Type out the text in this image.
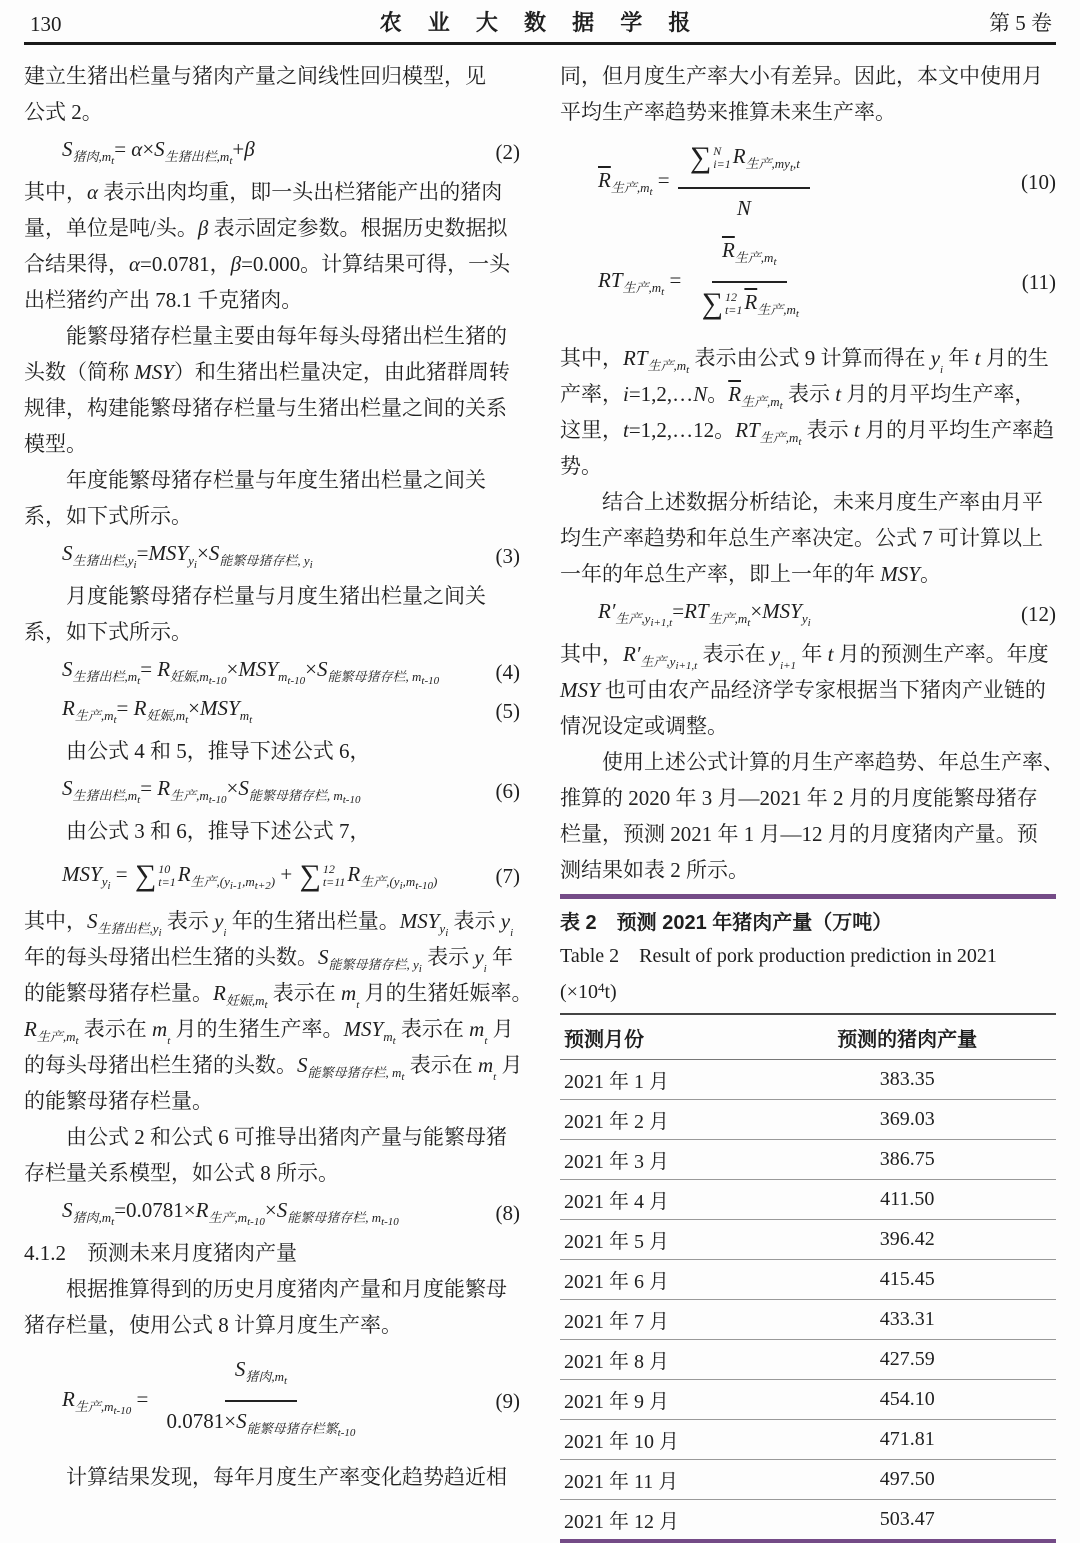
130	农 业 大 数 据 学 报	第 5 卷
建立生猪出栏量与猪肉产量之间线性回归模型，见
公式 2。
$S_{猪肉,mt}= \alpha\times S_{生猪出栏,mt}+\beta$	(2)
其中，α 表示出肉均重，即一头出栏猪能产出的猪肉
量，单位是吨/头。β 表示固定参数。根据历史数据拟
合结果得，α=0.0781，β=0.000。计算结果可得，一头
出栏猪约产出 78.1 千克猪肉。
能繁母猪存栏量主要由每年每头母猪出栏生猪的
头数（简称 MSY）和生猪出栏量决定，由此猪群周转
规律，构建能繁母猪存栏量与生猪出栏量之间的关系
模型。
年度能繁母猪存栏量与年度生猪出栏量之间关
系，如下式所示。
$S_{生猪出栏,yi}=MSY_{yi}\times S_{能繁母猪存栏, yi}$	(3)
月度能繁母猪存栏量与月度生猪出栏量之间关
系，如下式所示。
$S_{生猪出栏,mt}= R_{妊娠,mt-10}\times MSY_{mt-10}\times S_{能繁母猪存栏, mt-10}$	(4)
$R_{生产,mt}= R_{妊娠,mt}\times MSY_{mt}$	(5)
由公式 4 和 5，推导下述公式 6，
$S_{生猪出栏,mt}= R_{生产,mt-10}\times S_{能繁母猪存栏, mt-10}$	(6)
由公式 3 和 6，推导下述公式 7，
$MSY_{yi}$ = ∑ 10
t=1 $R_{生产,(yi-1,mt+2)}$ + ∑ 12
t=11 $R_{生产,(yi,mt-10)}$	(7)
其中，$S_{生猪出栏,yi}$ 表示 $y_i$ 年的生猪出栏量。$MSY_{yi}$ 表示 $y_i$
年的每头母猪出栏生猪的头数。$S_{能繁母猪存栏, yi}$ 表示 $y_i$ 年
的能繁母猪存栏量。$R_{妊娠,mt}$ 表示在 $m_t$ 月的生猪妊娠率。
$R_{生产,mt}$ 表示在 $m_t$ 月的生猪生产率。$MSY_{mt}$ 表示在 $m_t$ 月
的每头母猪出栏生猪的头数。$S_{能繁母猪存栏, mt}$ 表示在 $m_t$ 月
的能繁母猪存栏量。
由公式 2 和公式 6 可推导出猪肉产量与能繁母猪
存栏量关系模型，如公式 8 所示。
$S_{猪肉,mt}=0.0781\times R_{生产,mt-10}\times S_{能繁母猪存栏, mt-10}$	(8)
4.1.2　预测未来月度猪肉产量
根据推算得到的历史月度猪肉产量和月度能繁母
猪存栏量，使用公式 8 计算月度生产率。
$R_{生产,mt-10} = \frac{S_{猪肉,mt}}{0.0781\times S_{能繁母猪存栏繁t-10}}$	(9)
计算结果发现，每年月度生产率变化趋势趋近相
同，但月度生产率大小有差异。因此，本文中使用月
平均生产率趋势来推算未来生产率。
$\overline{R}_{生产,mt}$ = ∑ N
i=1 $R_{生产,myt,t}$
N	(10)
$RT_{生产,mt} = \overline{R}_{生产,mt}$
∑ 12
t=1 $\overline{R}_{生产,mt}$	(11)
其中，$RT_{生产,mt}$ 表示由公式 9 计算而得在 $y_i$ 年 t 月的生
产率，i=1,2,…N。$\overline{R}_{生产,mt}$ 表示 t 月的月平均生产率，
这里，t=1,2,…12。$RT_{生产,mt}$ 表示 t 月的月平均生产率趋
势。
结合上述数据分析结论，未来月度生产率由月平
均生产率趋势和年总生产率决定。公式 7 可计算以上
一年的年总生产率，即上一年的年 MSY。
$R'_{生产,yi+1,t}=RT_{生产,mt}\times MSY_{yi}$	(12)
其中，$R'_{生产,yi+1,t}$ 表示在 $y_{i+1}$ 年 t 月的预测生产率。年度
MSY 也可由农产品经济学专家根据当下猪肉产业链的
情况设定或调整。
使用上述公式计算的月生产率趋势、年总生产率、
推算的 2020 年 3 月—2021 年 2 月的月度能繁母猪存
栏量，预测 2021 年 1 月—12 月的月度猪肉产量。预
测结果如表 2 所示。
表 2　预测 2021 年猪肉产量（万吨）
Table 2　Result of pork production prediction in 2021 $(\times 10^4t)$
预测月份	预测的猪肉产量
2021 年 1 月	383.35
2021 年 2 月	369.03
2021 年 3 月	386.75
2021 年 4 月	411.50
2021 年 5 月	396.42
2021 年 6 月	415.45
2021 年 7 月	433.31
2021 年 8 月	427.59
2021 年 9 月	454.10
2021 年 10 月	471.81
2021 年 11 月	497.50
2021 年 12 月	503.47
